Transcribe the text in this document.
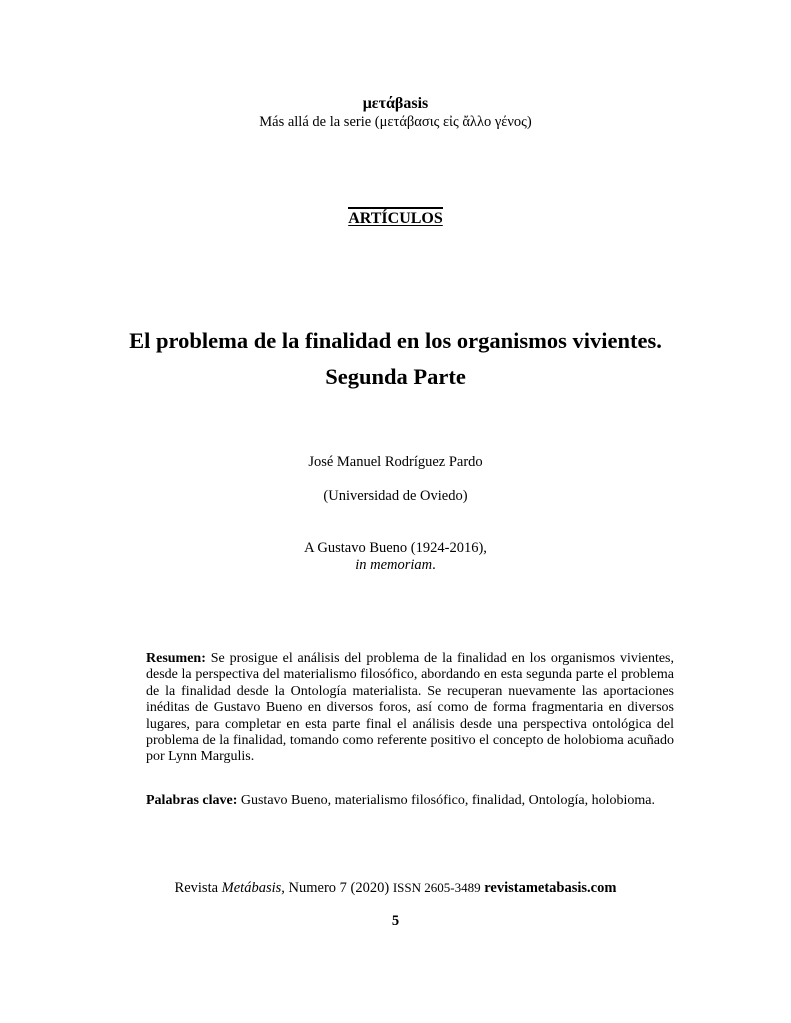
μετάβasis
Más allá de la serie (μετάβασις εἰς ἄλλο γένος)
ARTÍCULOS
El problema de la finalidad en los organismos vivientes.
Segunda Parte
José Manuel Rodríguez Pardo
(Universidad de Oviedo)
A Gustavo Bueno (1924-2016),
in memoriam.
Resumen: Se prosigue el análisis del problema de la finalidad en los organismos vivientes, desde la perspectiva del materialismo filosófico, abordando en esta segunda parte el problema de la finalidad desde la Ontología materialista. Se recuperan nuevamente las aportaciones inéditas de Gustavo Bueno en diversos foros, así como de forma fragmentaria en diversos lugares, para completar en esta parte final el análisis desde una perspectiva ontológica del problema de la finalidad, tomando como referente positivo el concepto de holobioma acuñado por Lynn Margulis.
Palabras clave: Gustavo Bueno, materialismo filosófico, finalidad, Ontología, holobioma.
Revista Metábasis, Numero 7 (2020) ISSN 2605-3489 revistametabasis.com
5
